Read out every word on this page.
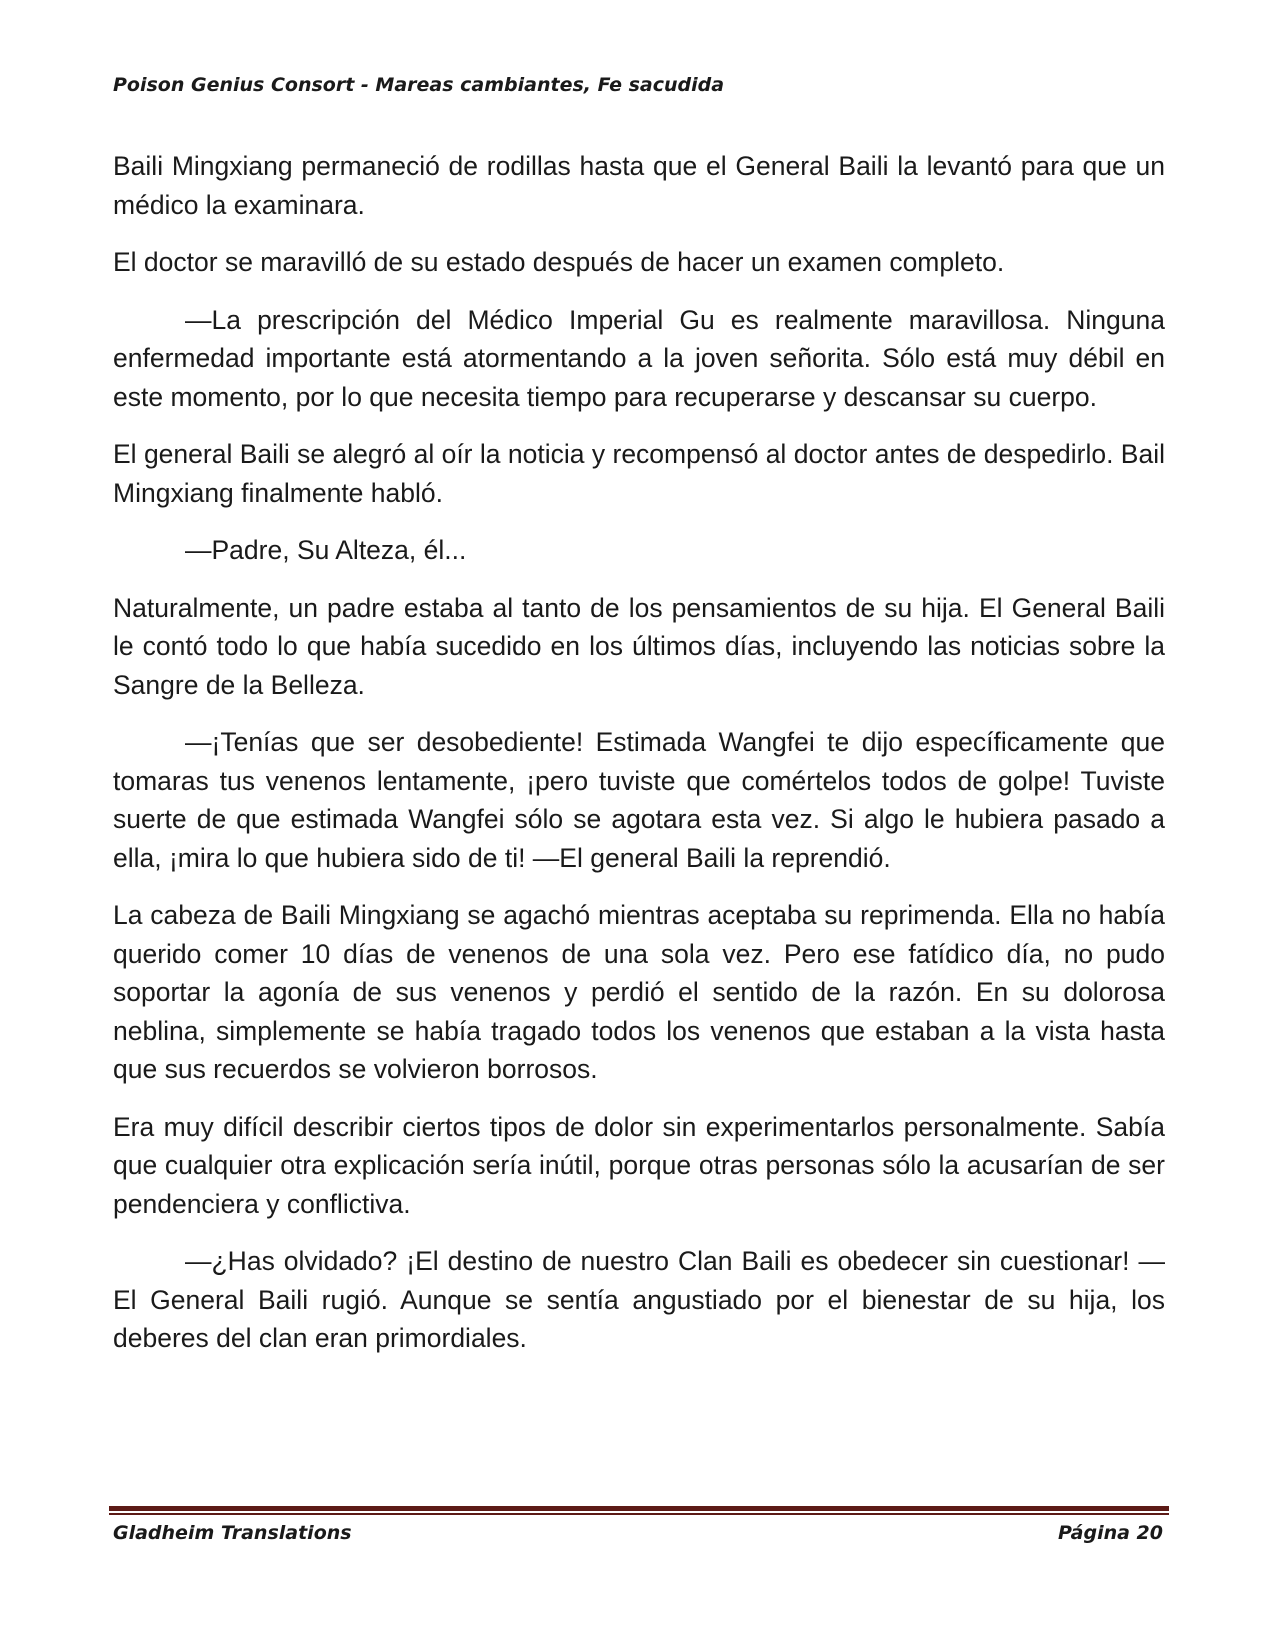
Poison Genius Consort - Mareas cambiantes, Fe sacudida

Baili Mingxiang permaneció de rodillas hasta que el General Baili la levantó para que un médico la examinara.

El doctor se maravilló de su estado después de hacer un examen completo.

—La prescripción del Médico Imperial Gu es realmente maravillosa. Ninguna enfermedad importante está atormentando a la joven señorita. Sólo está muy débil en este momento, por lo que necesita tiempo para recuperarse y descansar su cuerpo.

El general Baili se alegró al oír la noticia y recompensó al doctor antes de despedirlo. Bail Mingxiang finalmente habló.

—Padre, Su Alteza, él...

Naturalmente, un padre estaba al tanto de los pensamientos de su hija. El General Baili le contó todo lo que había sucedido en los últimos días, incluyendo las noticias sobre la Sangre de la Belleza.

—¡Tenías que ser desobediente! Estimada Wangfei te dijo específicamente que tomaras tus venenos lentamente, ¡pero tuviste que comértelos todos de golpe! Tuviste suerte de que estimada Wangfei sólo se agotara esta vez. Si algo le hubiera pasado a ella, ¡mira lo que hubiera sido de ti! —El general Baili la reprendió.

La cabeza de Baili Mingxiang se agachó mientras aceptaba su reprimenda. Ella no había querido comer 10 días de venenos de una sola vez. Pero ese fatídico día, no pudo soportar la agonía de sus venenos y perdió el sentido de la razón. En su dolorosa neblina, simplemente se había tragado todos los venenos que estaban a la vista hasta que sus recuerdos se volvieron borrosos.

Era muy difícil describir ciertos tipos de dolor sin experimentarlos personalmente. Sabía que cualquier otra explicación sería inútil, porque otras personas sólo la acusarían de ser pendenciera y conflictiva.

—¿Has olvidado? ¡El destino de nuestro Clan Baili es obedecer sin cuestionar! —El General Baili rugió. Aunque se sentía angustiado por el bienestar de su hija, los deberes del clan eran primordiales.

Gladheim Translations	Página 20
